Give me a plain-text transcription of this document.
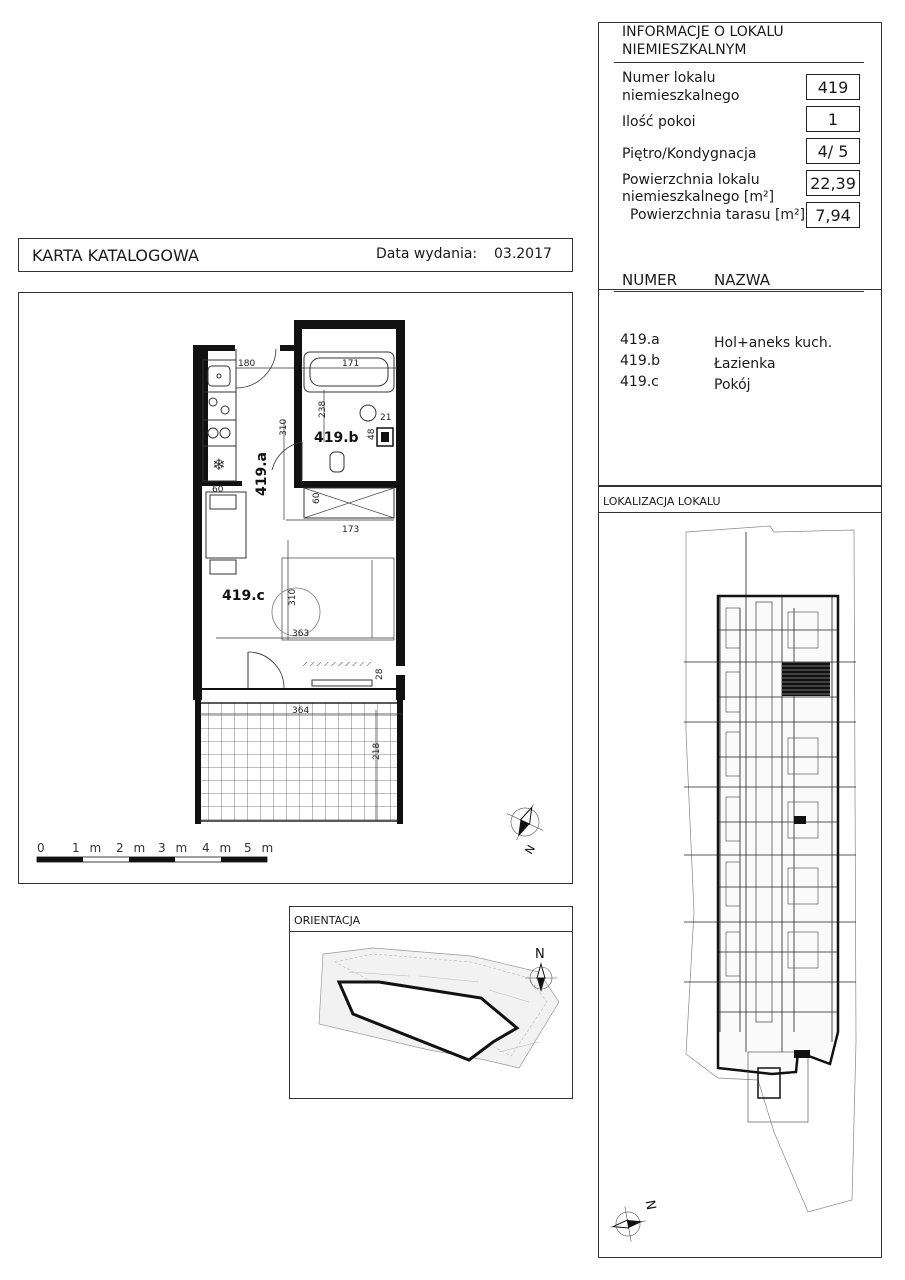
INFORMACJE O LOKALU
NIEMIESZKALNYM
Numer lokalu
niemieszkalnego	419
Ilość pokoi	1
Piętro/Kondygnacja	4/ 5
Powierzchnia lokalu
niemieszkalnego [m²]
22,39
Powierzchnia tarasu [m²] 7,94
NUMER NAZWA
419.a	Hol+aneks kuch.
419.b	Łazienka
419.c	Pokój
KARTA KATALOGOWA	Data wydania: 03.2017
❄
180	171
238	21
48
310
60
60
173
310
363
28
364
218
419.b
419.a
419.c
N
0 1 m 2 m 3 m 4 m 5 m
ORIENTACJA
N
LOKALIZACJA LOKALU
N
